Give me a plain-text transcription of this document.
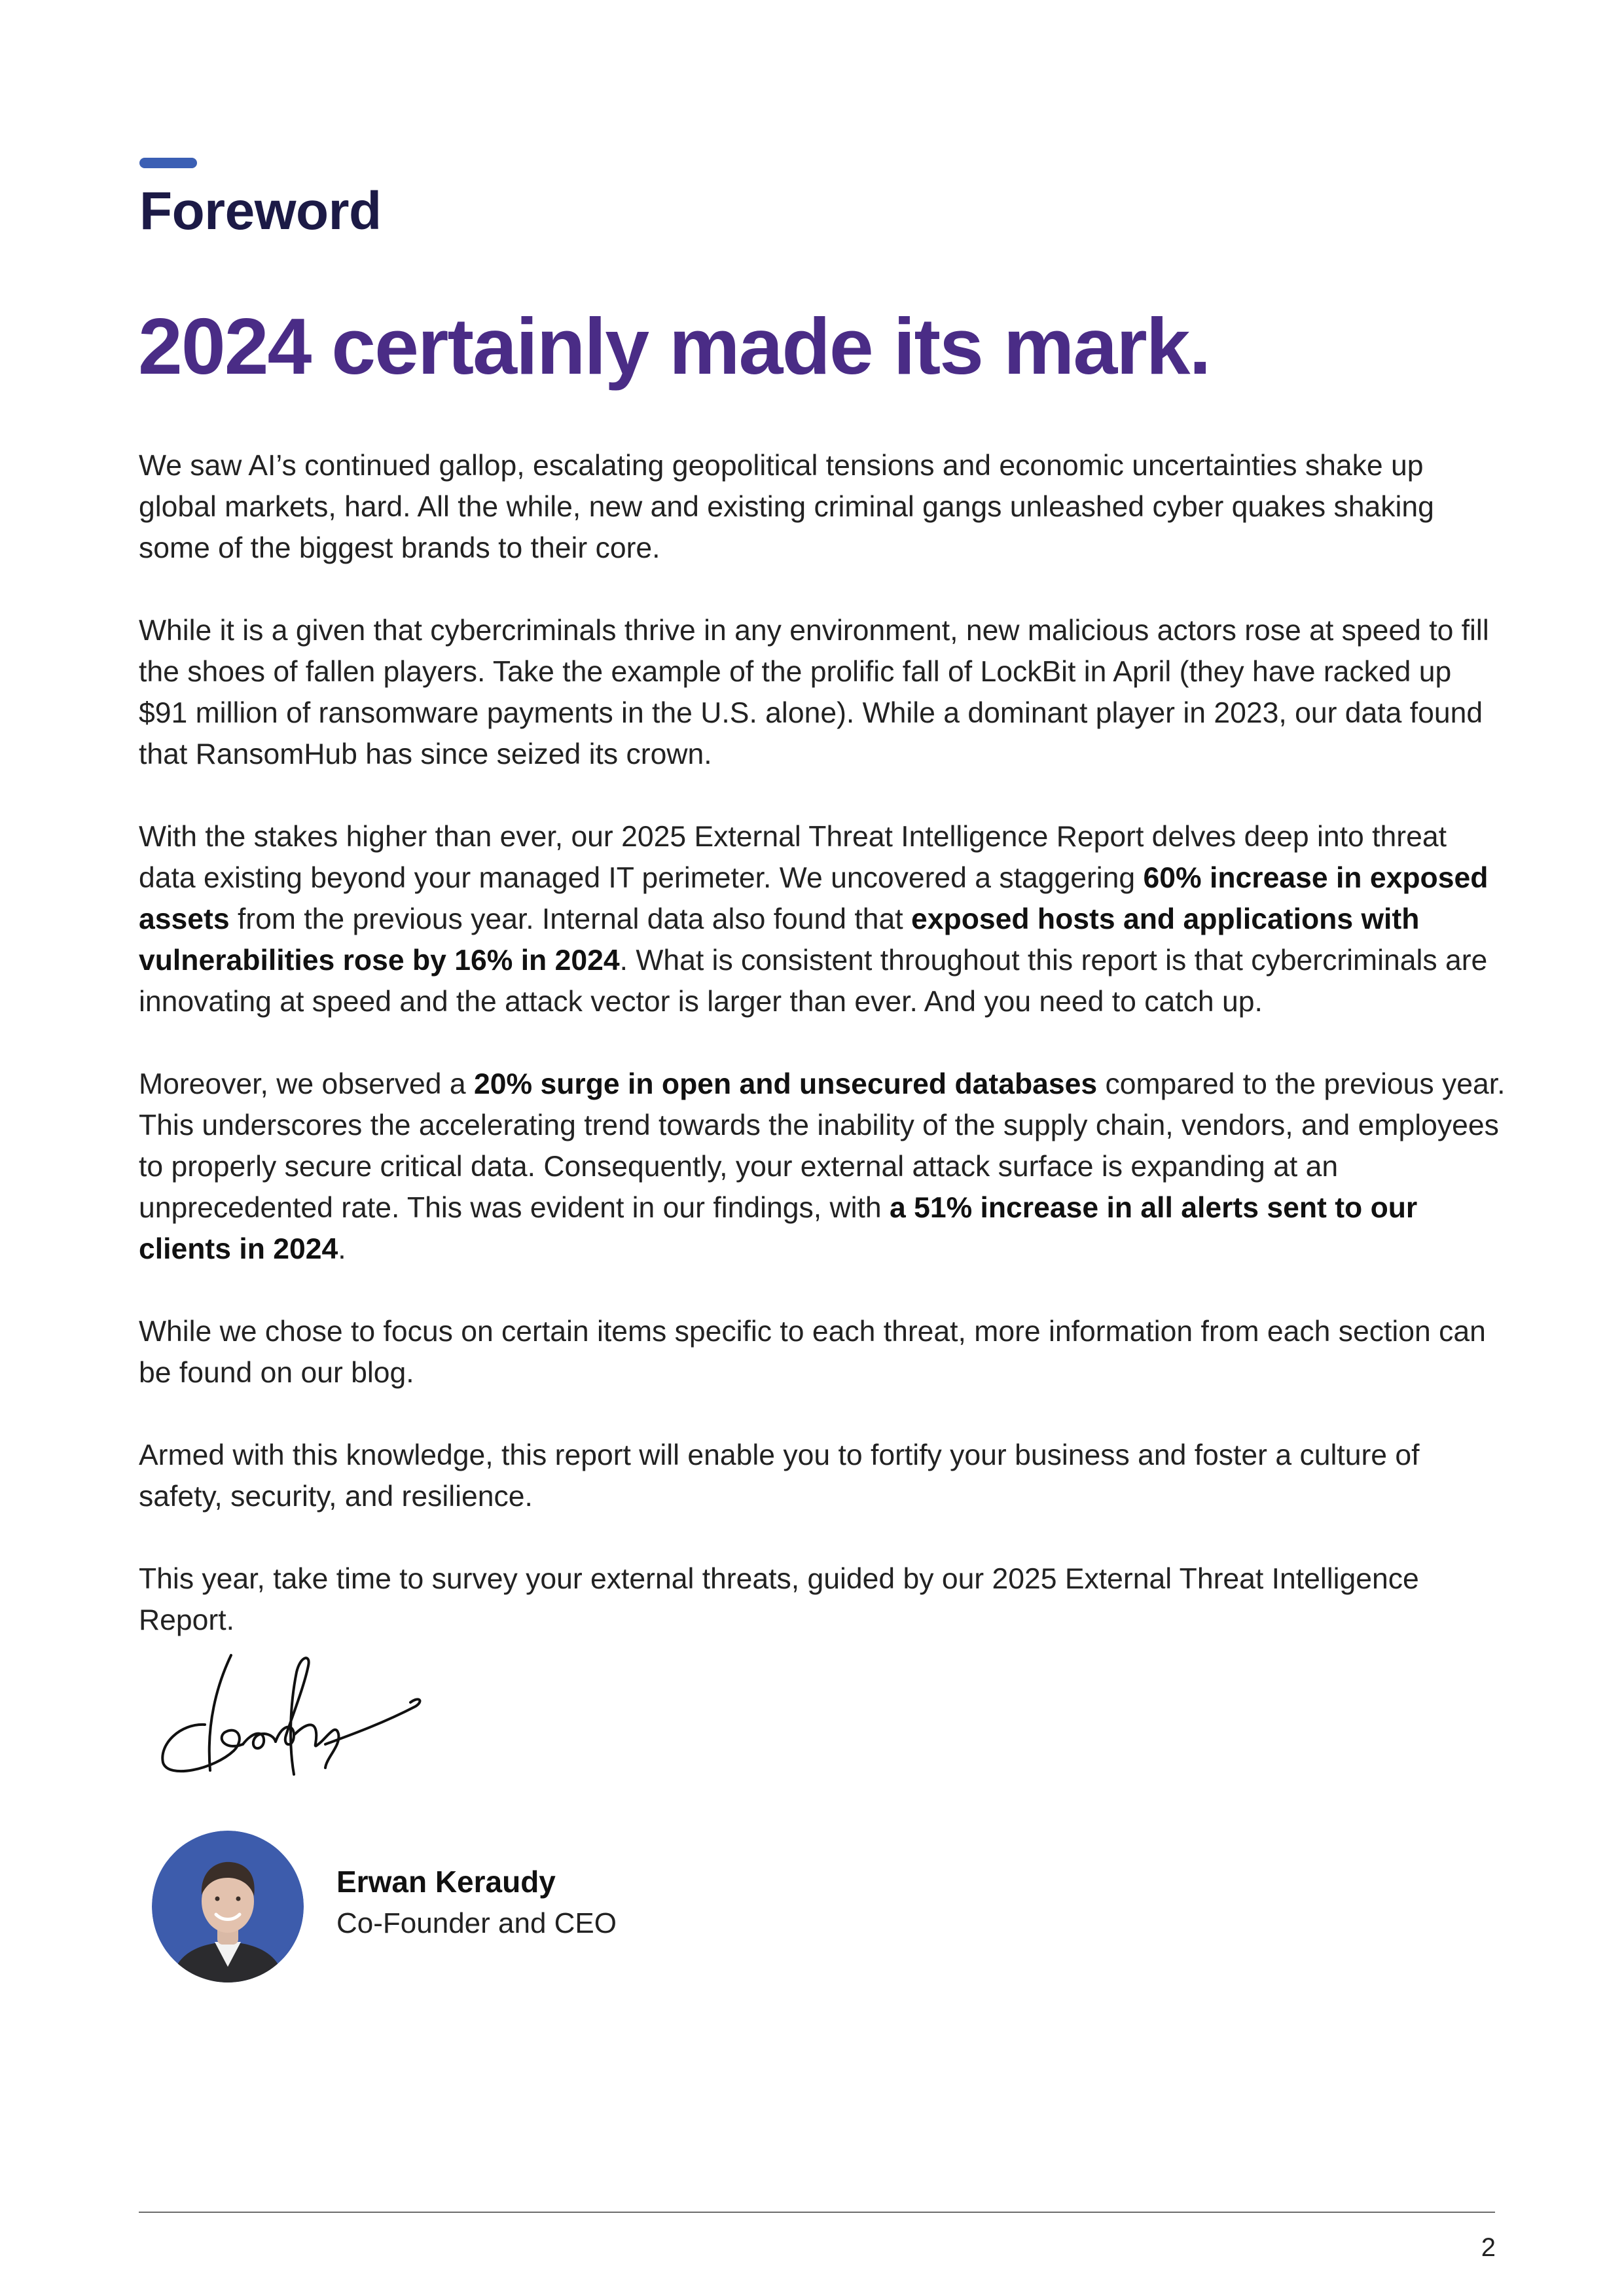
Foreword
2024 certainly made its mark.

We saw AI’s continued gallop, escalating geopolitical tensions and economic uncertainties shake up global markets, hard. All the while, new and existing criminal gangs unleashed cyber quakes shaking some of the biggest brands to their core.

While it is a given that cybercriminals thrive in any environment, new malicious actors rose at speed to fill the shoes of fallen players. Take the example of the prolific fall of LockBit in April (they have racked up $91 million of ransomware payments in the U.S. alone). While a dominant player in 2023, our data found that RansomHub has since seized its crown.

With the stakes higher than ever, our 2025 External Threat Intelligence Report delves deep into threat data existing beyond your managed IT perimeter. We uncovered a staggering 60% increase in exposed assets from the previous year. Internal data also found that exposed hosts and applications with vulnerabilities rose by 16% in 2024. What is consistent throughout this report is that cybercriminals are innovating at speed and the attack vector is larger than ever. And you need to catch up.

Moreover, we observed a 20% surge in open and unsecured databases compared to the previous year. This underscores the accelerating trend towards the inability of the supply chain, vendors, and employees to properly secure critical data. Consequently, your external attack surface is expanding at an unprecedented rate. This was evident in our findings, with a 51% increase in all alerts sent to our clients in 2024.

While we chose to focus on certain items specific to each threat, more information from each section can be found on our blog.

Armed with this knowledge, this report will enable you to fortify your business and foster a culture of safety, security, and resilience.

This year, take time to survey your external threats, guided by our 2025 External Threat Intelligence Report.

Erwan Keraudy
Co-Founder and CEO
2
